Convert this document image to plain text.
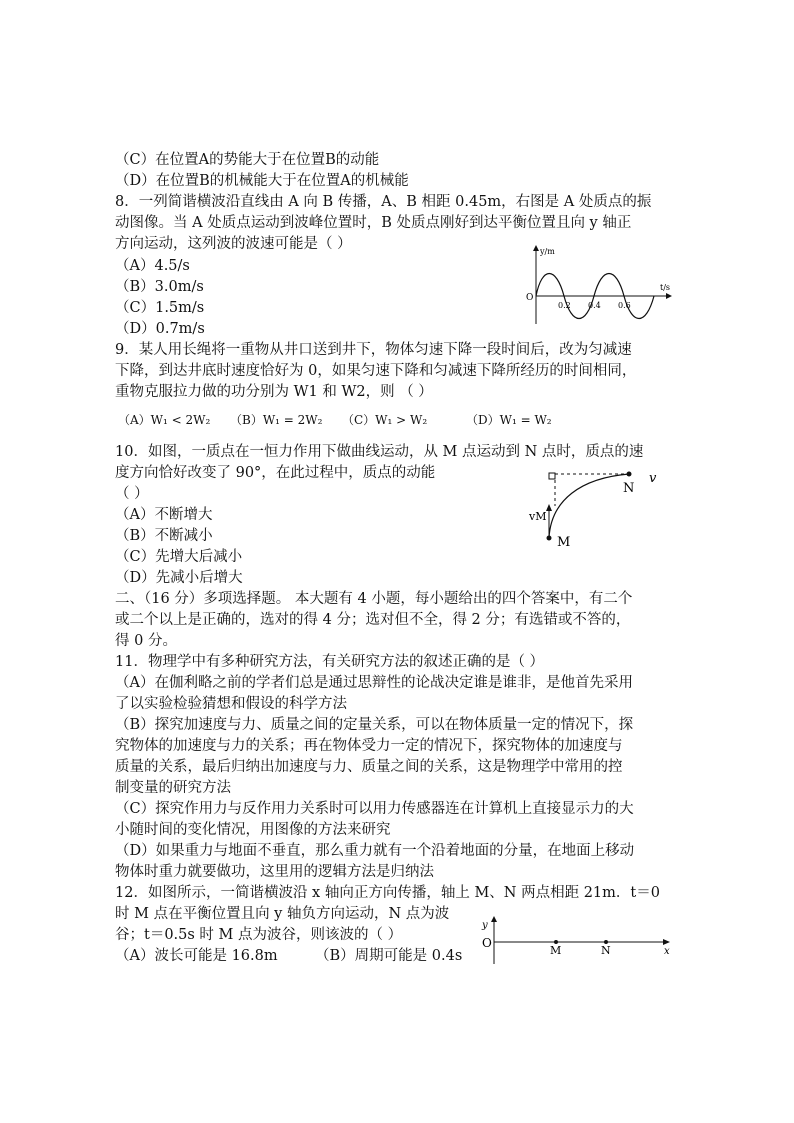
（C）在位置A的势能大于在位置B的动能
（D）在位置B的机械能大于在位置A的机械能
8．一列简谐横波沿直线由 A 向 B 传播，A、B 相距 0.45m，右图是 A 处质点的振
动图像。当 A 处质点运动到波峰位置时，B 处质点刚好到达平衡位置且向 y 轴正
方向运动，这列波的波速可能是（ ）
（A）4.5/s
（B）3.0m/s
（C）1.5m/s
（D）0.7m/s
y/m
t/s
O
0.2 0.4 0.6
9．某人用长绳将一重物从井口送到井下，物体匀速下降一段时间后，改为匀减速
下降，到达井底时速度恰好为 0，如果匀速下降和匀减速下降所经历的时间相同，
重物克服拉力做的功分别为 W1 和 W2，则 （ ）
（A）W₁ < 2W₂ （B）W₁ = 2W₂ （C）W₁ > W₂	（D）W₁ = W₂
10．如图，一质点在一恒力作用下做曲线运动，从 M 点运动到 N 点时，质点的速
度方向恰好改变了 90°，在此过程中，质点的动能
（ ）
（A）不断增大
（B）不断减小
（C）先增大后减小
（D）先减小后增大
N
v
vM
M
二、（16 分）多项选择题。 本大题有 4 小题，每小题给出的四个答案中，有二个
或二个以上是正确的，选对的得 4 分；选对但不全，得 2 分；有选错或不答的，
得 0 分。
11．物理学中有多种研究方法，有关研究方法的叙述正确的是（ ）
（A）在伽利略之前的学者们总是通过思辩性的论战决定谁是谁非，是他首先采用
了以实验检验猜想和假设的科学方法
（B）探究加速度与力、质量之间的定量关系，可以在物体质量一定的情况下，探
究物体的加速度与力的关系；再在物体受力一定的情况下，探究物体的加速度与
质量的关系，最后归纳出加速度与力、质量之间的关系，这是物理学中常用的控
制变量的研究方法
（C）探究作用力与反作用力关系时可以用力传感器连在计算机上直接显示力的大
小随时间的变化情况，用图像的方法来研究
（D）如果重力与地面不垂直，那么重力就有一个沿着地面的分量，在地面上移动
物体时重力就要做功，这里用的逻辑方法是归纳法
12．如图所示，一简谐横波沿 x 轴向正方向传播，轴上 M、N 两点相距 21m．t＝0
时 M 点在平衡位置且向 y 轴负方向运动，N 点为波
谷；t＝0.5s 时 M 点为波谷，则该波的（ ）
（A）波长可能是 16.8m	（B）周期可能是 0.4s
y
O
M	N	x
